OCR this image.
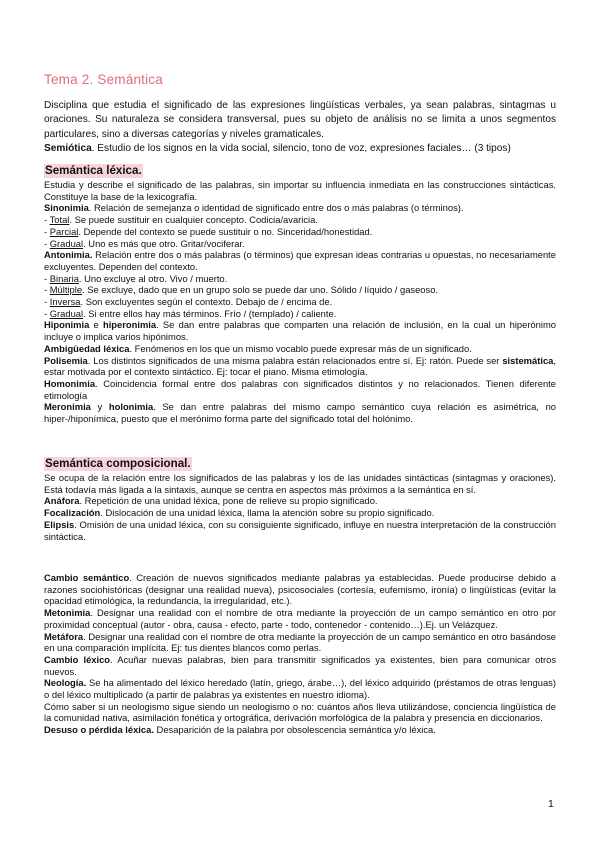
Tema 2. Semántica

Disciplina que estudia el significado de las expresiones lingüísticas verbales, ya sean palabras, sintagmas u oraciones. Su naturaleza se considera transversal, pues su objeto de análisis no se limita a unos segmentos particulares, sino a diversas categorías y niveles gramaticales.

Semiótica. Estudio de los signos en la vida social, silencio, tono de voz, expresiones faciales… (3 tipos)

Semántica léxica.

Estudia y describe el significado de las palabras, sin importar su influencia inmediata en las construcciones sintácticas. Constituye la base de la lexicografía.

Sinonimia. Relación de semejanza o identidad de significado entre dos o más palabras (o términos).

- Total. Se puede sustituir en cualquier concepto. Codicia/avaricia.

- Parcial. Depende del contexto se puede sustituir o no. Sinceridad/honestidad.

- Gradual. Uno es más que otro. Gritar/vociferar.

Antonimia. Relación entre dos o más palabras (o términos) que expresan ideas contrarias u opuestas, no necesariamente excluyentes. Dependen del contexto.

- Binaria. Uno excluye al otro. Vivo / muerto.

- Múltiple. Se excluye, dado que en un grupo solo se puede dar uno. Sólido / líquido / gaseoso.

- Inversa. Son excluyentes según el contexto. Debajo de / encima de.

- Gradual. Si entre ellos hay más términos. Frío / (templado) / caliente.

Hiponimia e hiperonimia. Se dan entre palabras que comparten una relación de inclusión, en la cual un hiperónimo incluye o implica varios hipónimos.

Ambigüedad léxica. Fenómenos en los que un mismo vocablo puede expresar más de un significado.

Polisemia. Los distintos significados de una misma palabra están relacionados entre sí. Ej: ratón. Puede ser sistemática, estar motivada por el contexto sintáctico. Ej: tocar el piano. Misma etimología.

Homonimia. Coincidencia formal entre dos palabras con significados distintos y no relacionados. Tienen diferente etimología

Meronimia y holonimia. Se dan entre palabras del mismo campo semántico cuya relación es asimétrica, no hiper-/hiponímica, puesto que el merónimo forma parte del significado total del holónimo.

Semántica composicional.

Se ocupa de la relación entre los significados de las palabras y los de las unidades sintácticas (sintagmas y oraciones). Está todavía más ligada a la sintaxis, aunque se centra en aspectos más próximos a la semántica en sí.

Anáfora. Repetición de una unidad léxica, pone de relieve su propio significado.

Focalización. Dislocación de una unidad léxica, llama la atención sobre su propio significado.

Elipsis. Omisión de una unidad léxica, con su consiguiente significado, influye en nuestra interpretación de la construcción sintáctica.

Cambio semántico. Creación de nuevos significados mediante palabras ya establecidas. Puede producirse debido a razones sociohistóricas (designar una realidad nueva), psicosociales (cortesía, eufemismo, ironía) o lingüísticas (evitar la opacidad etimológica, la redundancia, la irregularidad, etc.).

Metonimia. Designar una realidad con el nombre de otra mediante la proyección de un campo semántico en otro por proximidad conceptual (autor - obra, causa - efecto, parte - todo, contenedor - contenido…).Ej. un Velázquez.

Metáfora. Designar una realidad con el nombre de otra mediante la proyección de un campo semántico en otro basándose en una comparación implícita. Ej: tus dientes blancos como perlas.

Cambio léxico. Acuñar nuevas palabras, bien para transmitir significados ya existentes, bien para comunicar otros nuevos.

Neología. Se ha alimentado del léxico heredado (latín, griego, árabe…), del léxico adquirido (préstamos de otras lenguas) o del léxico multiplicado (a partir de palabras ya existentes en nuestro idioma).

Cómo saber si un neologismo sigue siendo un neologismo o no: cuántos años lleva utilizándose, conciencia lingüística de la comunidad nativa, asimilación fonética y ortográfica, derivación morfológica de la palabra y presencia en diccionarios.

Desuso o pérdida léxica. Desaparición de la palabra por obsolescencia semántica y/o léxica.

1
